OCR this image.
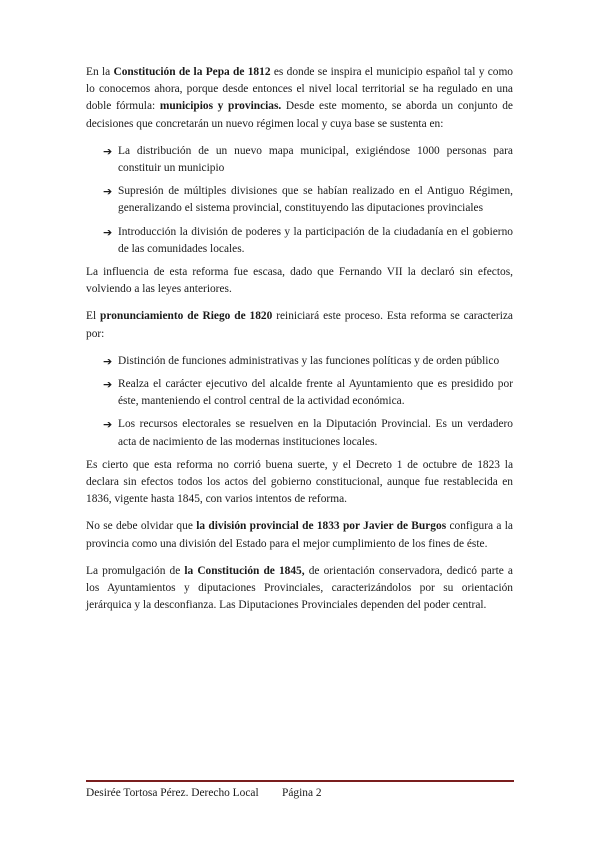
En la Constitución de la Pepa de 1812 es donde se inspira el municipio español tal y como lo conocemos ahora, porque desde entonces el nivel local territorial se ha regulado en una doble fórmula: municipios y provincias. Desde este momento, se aborda un conjunto de decisiones que concretarán un nuevo régimen local y cuya base se sustenta en:

➔ La distribución de un nuevo mapa municipal, exigiéndose 1000 personas para constituir un municipio
➔ Supresión de múltiples divisiones que se habían realizado en el Antiguo Régimen, generalizando el sistema provincial, constituyendo las diputaciones provinciales
➔ Introducción la división de poderes y la participación de la ciudadanía en el gobierno de las comunidades locales.

La influencia de esta reforma fue escasa, dado que Fernando VII la declaró sin efectos, volviendo a las leyes anteriores.

El pronunciamiento de Riego de 1820 reiniciará este proceso. Esta reforma se caracteriza por:

➔ Distinción de funciones administrativas y las funciones políticas y de orden público
➔ Realza el carácter ejecutivo del alcalde frente al Ayuntamiento que es presidido por éste, manteniendo el control central de la actividad económica.
➔ Los recursos electorales se resuelven en la Diputación Provincial. Es un verdadero acta de nacimiento de las modernas instituciones locales.

Es cierto que esta reforma no corrió buena suerte, y el Decreto 1 de octubre de 1823 la declara sin efectos todos los actos del gobierno constitucional, aunque fue restablecida en 1836, vigente hasta 1845, con varios intentos de reforma.

No se debe olvidar que la división provincial de 1833 por Javier de Burgos configura a la provincia como una división del Estado para el mejor cumplimiento de los fines de éste.

La promulgación de la Constitución de 1845, de orientación conservadora, dedicó parte a los Ayuntamientos y diputaciones Provinciales, caracterizándolos por su orientación jerárquica y la desconfianza. Las Diputaciones Provinciales dependen del poder central.

Desirée Tortosa Pérez. Derecho Local Página 2
